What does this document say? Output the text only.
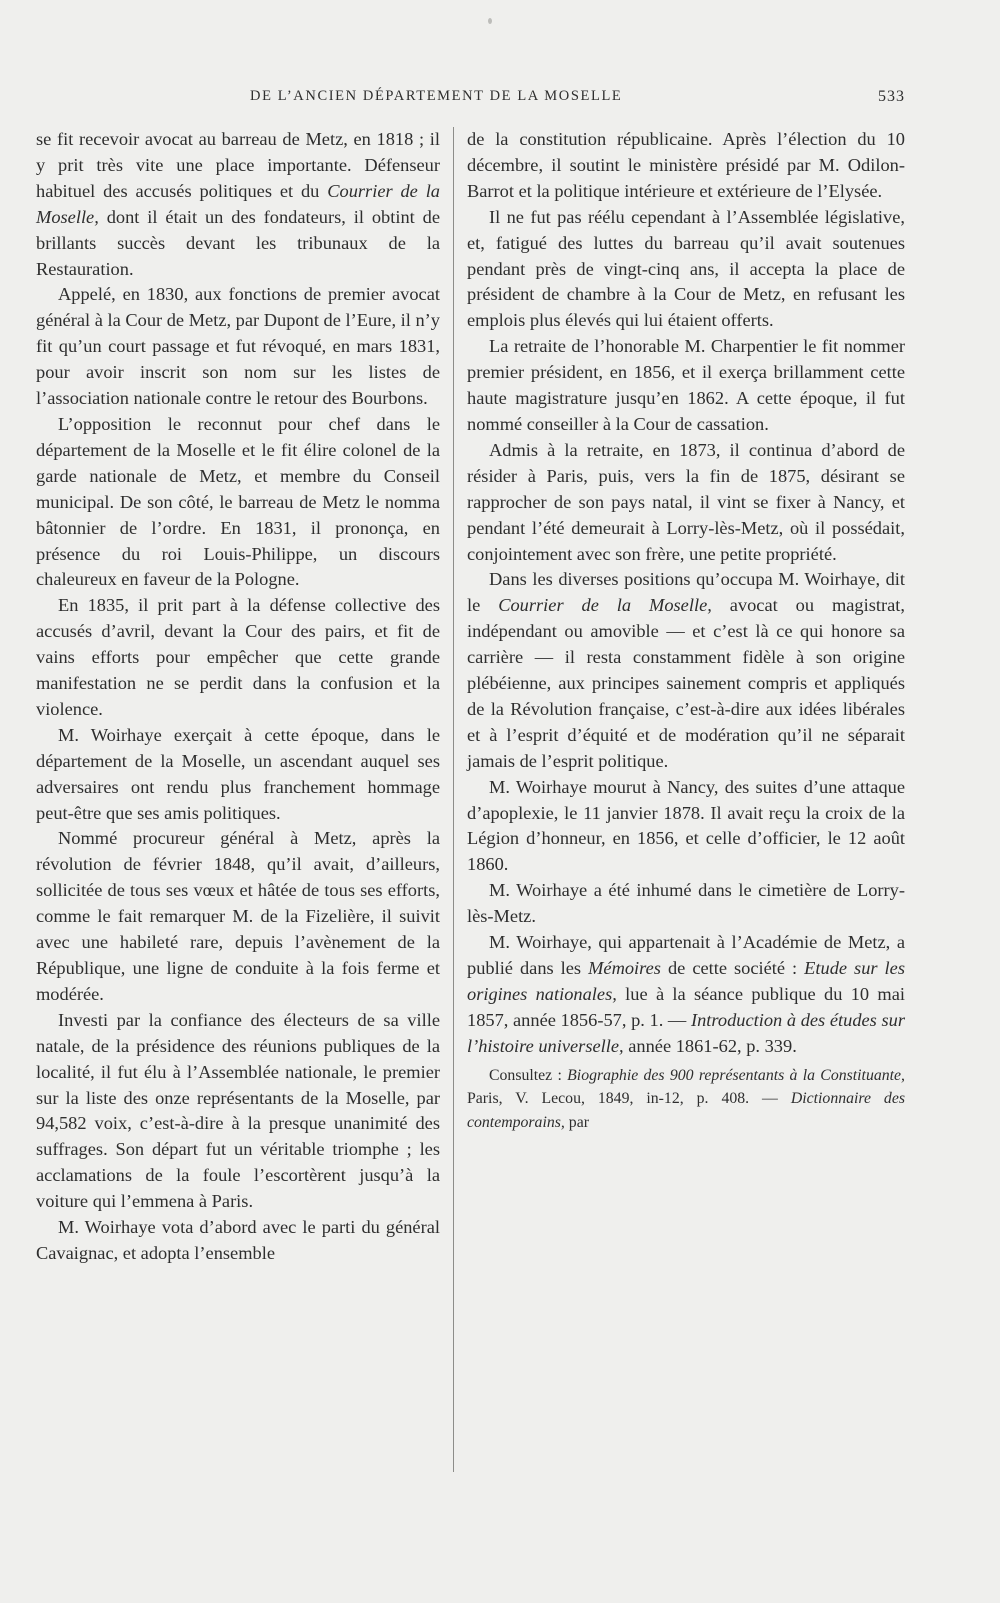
DE L’ANCIEN DÉPARTEMENT DE LA MOSELLE	533

se fit recevoir avocat au barreau de Metz, en 1818 ; il y prit très vite une place importante. Défenseur habituel des accusés politiques et du Courrier de la Moselle, dont il était un des fondateurs, il obtint de brillants succès devant les tribunaux de la Restauration.

Appelé, en 1830, aux fonctions de premier avocat général à la Cour de Metz, par Dupont de l’Eure, il n’y fit qu’un court passage et fut révoqué, en mars 1831, pour avoir inscrit son nom sur les listes de l’association nationale contre le retour des Bourbons.

L’opposition le reconnut pour chef dans le département de la Moselle et le fit élire colonel de la garde nationale de Metz, et membre du Conseil municipal. De son côté, le barreau de Metz le nomma bâtonnier de l’ordre. En 1831, il prononça, en présence du roi Louis-Philippe, un discours chaleureux en faveur de la Pologne.

En 1835, il prit part à la défense collective des accusés d’avril, devant la Cour des pairs, et fit de vains efforts pour empêcher que cette grande manifestation ne se perdit dans la confusion et la violence.

M. Woirhaye exerçait à cette époque, dans le département de la Moselle, un ascendant auquel ses adversaires ont rendu plus franchement hommage peut-être que ses amis politiques.

Nommé procureur général à Metz, après la révolution de février 1848, qu’il avait, d’ailleurs, sollicitée de tous ses vœux et hâtée de tous ses efforts, comme le fait remarquer M. de la Fizelière, il suivit avec une habileté rare, depuis l’avènement de la République, une ligne de conduite à la fois ferme et modérée.

Investi par la confiance des électeurs de sa ville natale, de la présidence des réunions publiques de la localité, il fut élu à l’Assemblée nationale, le premier sur la liste des onze représentants de la Moselle, par 94,582 voix, c’est-à-dire à la presque unanimité des suffrages. Son départ fut un véritable triomphe ; les acclamations de la foule l’escortèrent jusqu’à la voiture qui l’emmena à Paris.

M. Woirhaye vota d’abord avec le parti du général Cavaignac, et adopta l’ensemble

de la constitution républicaine. Après l’élection du 10 décembre, il soutint le ministère présidé par M. Odilon-Barrot et la politique intérieure et extérieure de l’Elysée.

Il ne fut pas réélu cependant à l’Assemblée législative, et, fatigué des luttes du barreau qu’il avait soutenues pendant près de vingt-cinq ans, il accepta la place de président de chambre à la Cour de Metz, en refusant les emplois plus élevés qui lui étaient offerts.

La retraite de l’honorable M. Charpentier le fit nommer premier président, en 1856, et il exerça brillamment cette haute magistrature jusqu’en 1862. A cette époque, il fut nommé conseiller à la Cour de cassation.

Admis à la retraite, en 1873, il continua d’abord de résider à Paris, puis, vers la fin de 1875, désirant se rapprocher de son pays natal, il vint se fixer à Nancy, et pendant l’été demeurait à Lorry-lès-Metz, où il possédait, conjointement avec son frère, une petite propriété.

Dans les diverses positions qu’occupa M. Woirhaye, dit le Courrier de la Moselle, avocat ou magistrat, indépendant ou amovible — et c’est là ce qui honore sa carrière — il resta constamment fidèle à son origine plébéienne, aux principes sainement compris et appliqués de la Révolution française, c’est-à-dire aux idées libérales et à l’esprit d’équité et de modération qu’il ne séparait jamais de l’esprit politique.

M. Woirhaye mourut à Nancy, des suites d’une attaque d’apoplexie, le 11 janvier 1878. Il avait reçu la croix de la Légion d’honneur, en 1856, et celle d’officier, le 12 août 1860.

M. Woirhaye a été inhumé dans le cimetière de Lorry-lès-Metz.

M. Woirhaye, qui appartenait à l’Académie de Metz, a publié dans les Mémoires de cette société : Etude sur les origines nationales, lue à la séance publique du 10 mai 1857, année 1856-57, p. 1. — Introduction à des études sur l’histoire universelle, année 1861-62, p. 339.

Consultez : Biographie des 900 représentants à la Constituante, Paris, V. Lecou, 1849, in-12, p. 408. — Dictionnaire des contemporains, par
